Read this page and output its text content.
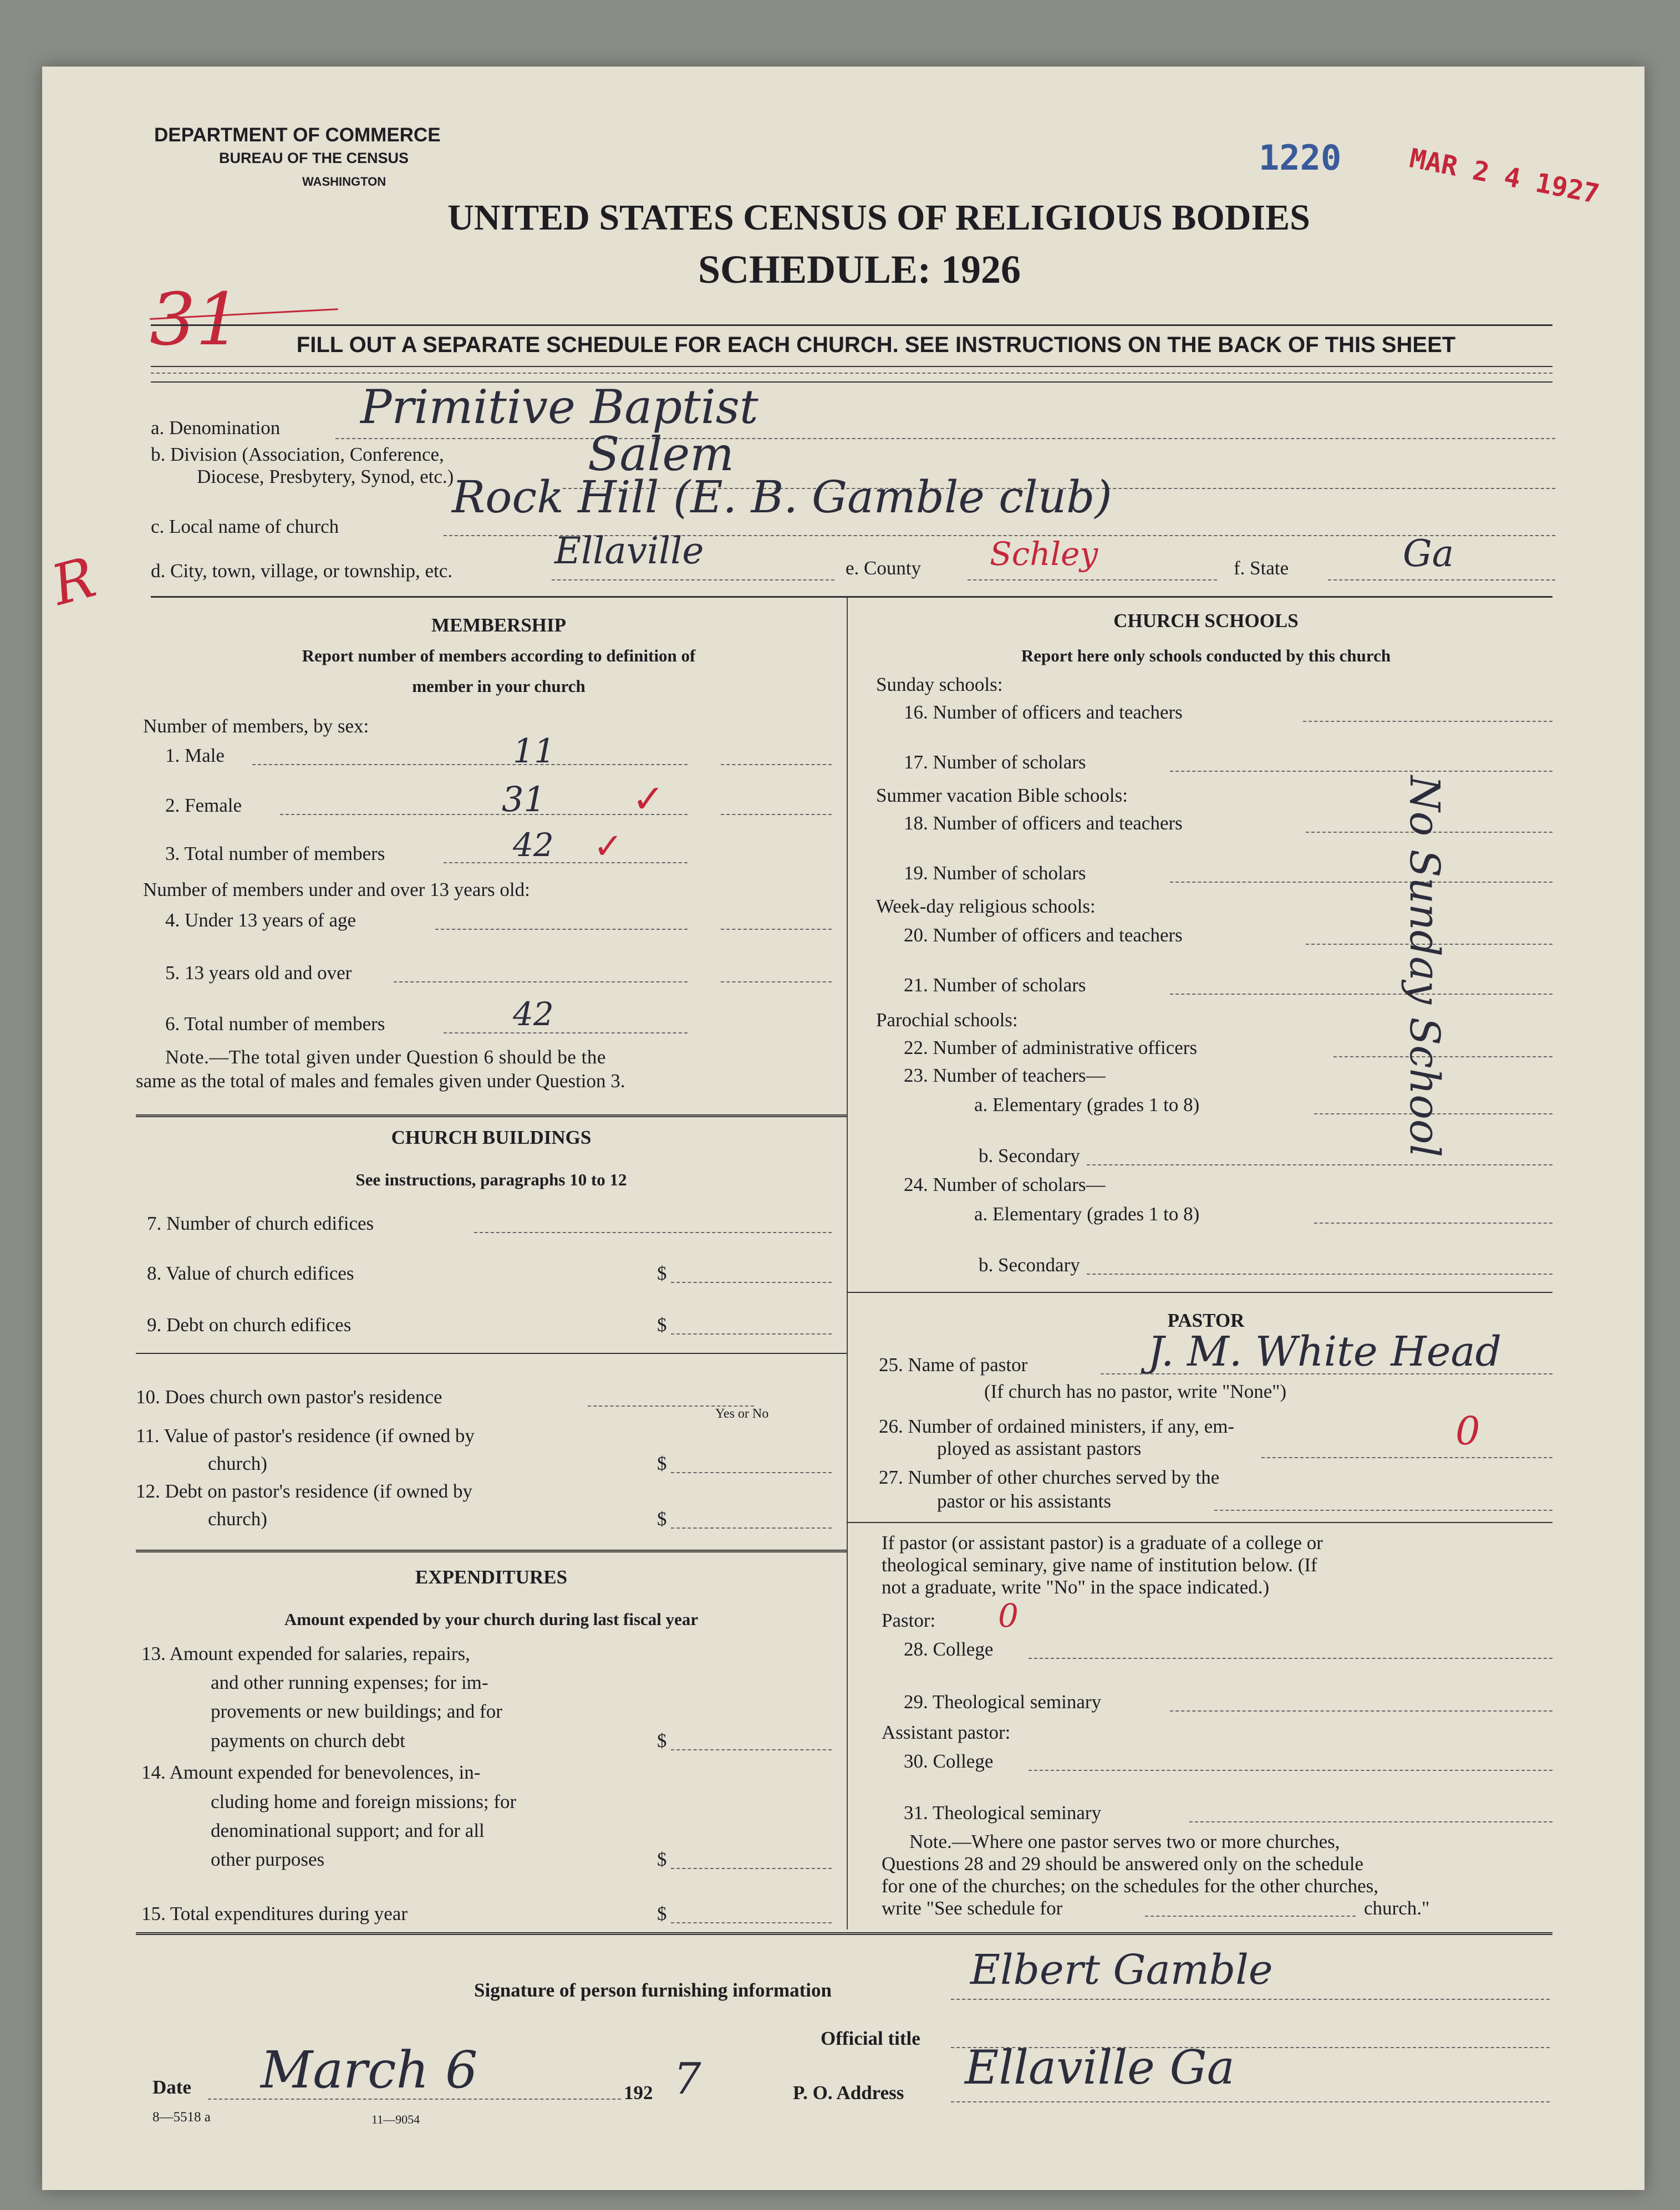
DEPARTMENT OF COMMERCE
BUREAU OF THE CENSUS
WASHINGTON
UNITED STATES CENSUS OF RELIGIOUS BODIES
SCHEDULE: 1926
1220 MAR 2 4 1927
31
R
FILL OUT A SEPARATE SCHEDULE FOR EACH CHURCH. SEE INSTRUCTIONS ON THE BACK OF THIS SHEET
a. Denomination Primitive Baptist
b. Division (Association, Conference,
Diocese, Presbytery, Synod, etc.)	Salem
c. Local name of church
Rock Hill (E. B. Gamble club)
d. City, town, village, or township, etc.	Ellaville	e. County Schley	f. State	Ga
MEMBERSHIP
Report number of members according to definition of
member in your church
Number of members, by sex:
1. Male	11
2. Female	31 ✓
3. Total number of members	42 ✓
Number of members under and over 13 years old:
4. Under 13 years of age
5. 13 years old and over
6. Total number of members	42
Note.—The total given under Question 6 should be the
same as the total of males and females given under Question 3.
CHURCH BUILDINGS
See instructions, paragraphs 10 to 12
7. Number of church edifices
8. Value of church edifices	$
9. Debt on church edifices	$
10. Does church own pastor's residence
Yes or No
11. Value of pastor's residence (if owned by
church)	$
12. Debt on pastor's residence (if owned by
church)	$
EXPENDITURES
Amount expended by your church during last fiscal year
13. Amount expended for salaries, repairs,
and other running expenses; for im-
provements or new buildings; and for
payments on church debt	$
14. Amount expended for benevolences, in-
cluding home and foreign missions; for
denominational support; and for all
other purposes	$
15. Total expenditures during year	$
CHURCH SCHOOLS
Report here only schools conducted by this church
Sunday schools:
16. Number of officers and teachers
17. Number of scholars
Summer vacation Bible schools:
18. Number of officers and teachers
19. Number of scholars
Week-day religious schools:
20. Number of officers and teachers
21. Number of scholars
Parochial schools:
22. Number of administrative officers
23. Number of teachers—
a. Elementary (grades 1 to 8)
b. Secondary
24. Number of scholars—
a. Elementary (grades 1 to 8)
b. Secondary
No Sunday School
PASTOR
25. Name of pastor	J. M. White Head
(If church has no pastor, write "None")
26. Number of ordained ministers, if any, em-
ployed as assistant pastors	0
27. Number of other churches served by the
pastor or his assistants
If pastor (or assistant pastor) is a graduate of a college or
theological seminary, give name of institution below. (If
not a graduate, write "No" in the space indicated.)
Pastor: 0
28. College
29. Theological seminary
Assistant pastor:
30. College
31. Theological seminary
Note.—Where one pastor serves two or more churches,
Questions 28 and 29 should be answered only on the schedule
for one of the churches; on the schedules for the other churches,
write "See schedule for	church."
Signature of person furnishing information	Elbert Gamble
Official title
Date March 6	192 7	P. O. Address Ellaville Ga
8—5518 a	11—9054
